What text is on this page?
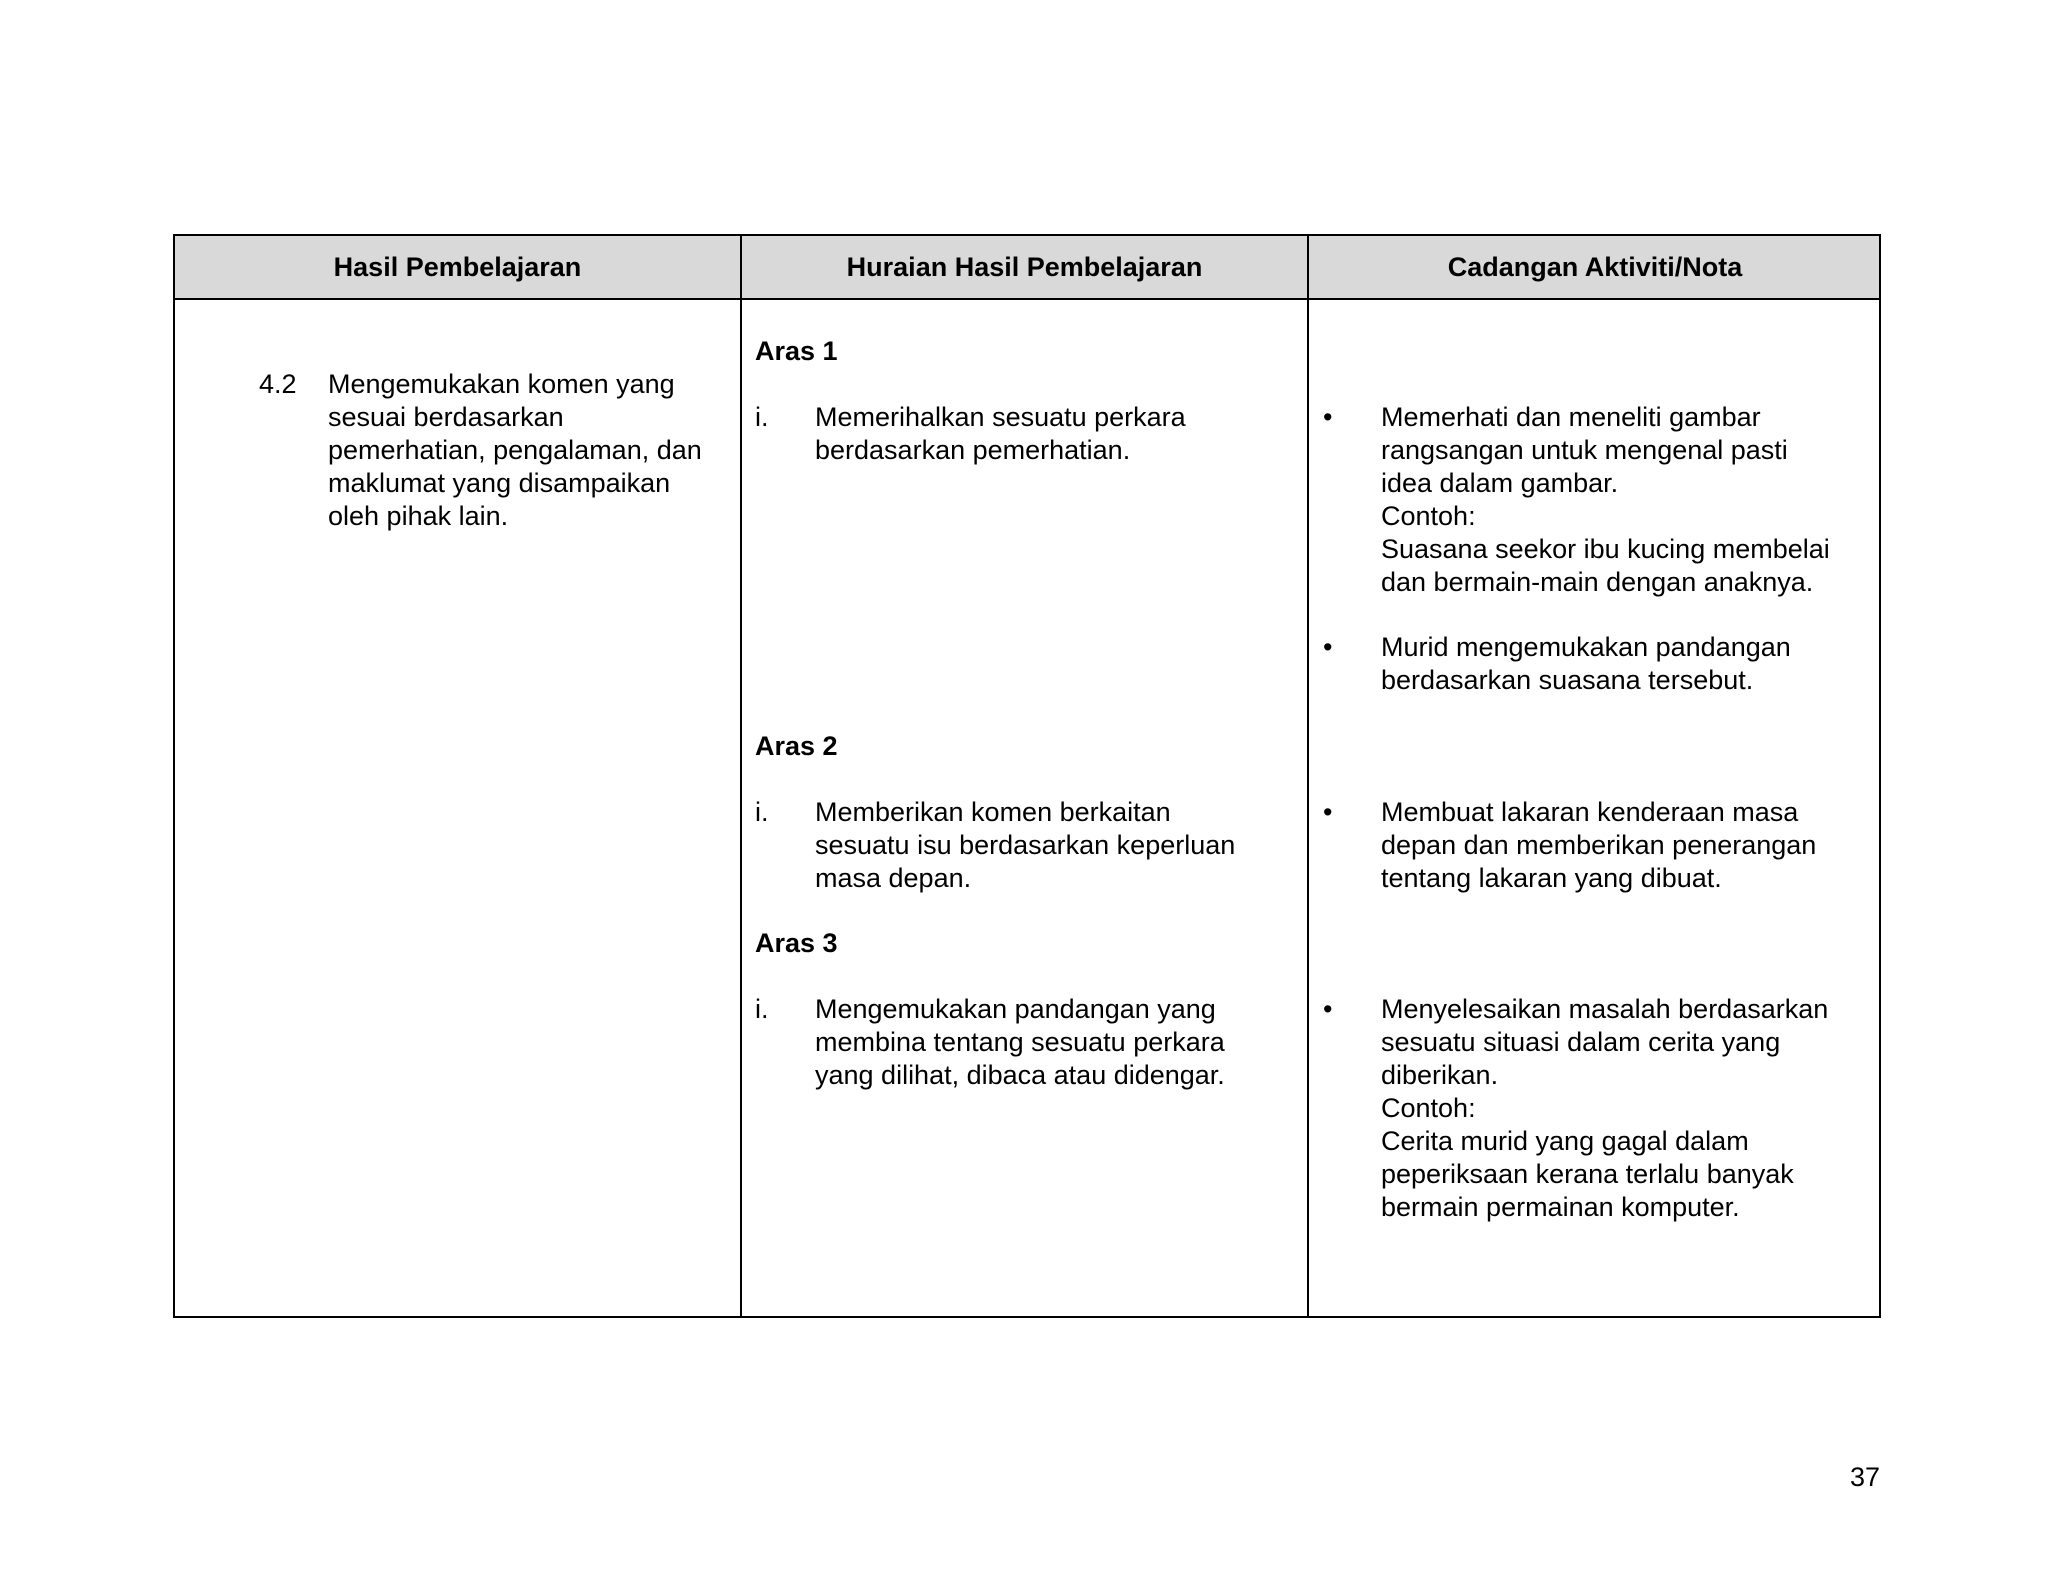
Hasil Pembelajaran	Huraian Hasil Pembelajaran	Cadangan Aktiviti/Nota
4.2 Mengemukakan komen yang
sesuai berdasarkan
pemerhatian, pengalaman, dan
maklumat yang disampaikan
oleh pihak lain.
Aras 1
i. Memerihalkan sesuatu perkara
berdasarkan pemerhatian.
Aras 2
i. Memberikan komen berkaitan
sesuatu isu berdasarkan keperluan
masa depan.
Aras 3
i. Mengemukakan pandangan yang
membina tentang sesuatu perkara
yang dilihat, dibaca atau didengar.
• Memerhati dan meneliti gambar
rangsangan untuk mengenal pasti
idea dalam gambar.
Contoh:
Suasana seekor ibu kucing membelai
dan bermain-main dengan anaknya.
• Murid mengemukakan pandangan
berdasarkan suasana tersebut.
• Membuat lakaran kenderaan masa
depan dan memberikan penerangan
tentang lakaran yang dibuat.
• Menyelesaikan masalah berdasarkan
sesuatu situasi dalam cerita yang
diberikan.
Contoh:
Cerita murid yang gagal dalam
peperiksaan kerana terlalu banyak
bermain permainan komputer.
37
